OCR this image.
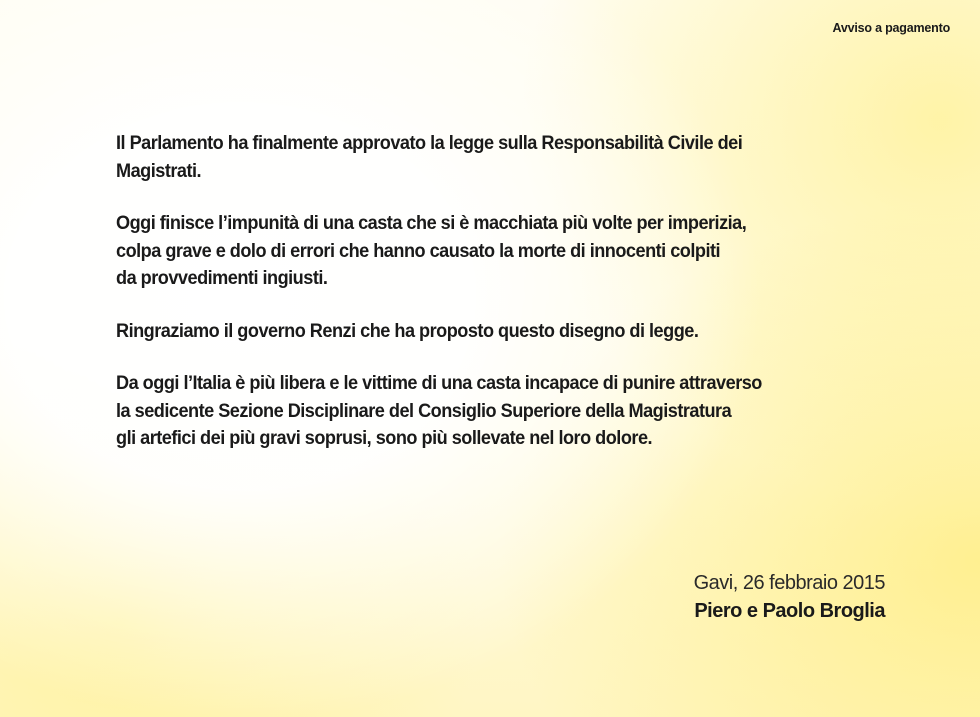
Avviso a pagamento

Il Parlamento ha finalmente approvato la legge sulla Responsabilità Civile dei
Magistrati.

Oggi finisce l’impunità di una casta che si è macchiata più volte per imperizia,
colpa grave e dolo di errori che hanno causato la morte di innocenti colpiti
da provvedimenti ingiusti.

Ringraziamo il governo Renzi che ha proposto questo disegno di legge.

Da oggi l’Italia è più libera e le vittime di una casta incapace di punire attraverso
la sedicente Sezione Disciplinare del Consiglio Superiore della Magistratura
gli artefici dei più gravi soprusi, sono più sollevate nel loro dolore.

Gavi, 26 febbraio 2015
Piero e Paolo Broglia
